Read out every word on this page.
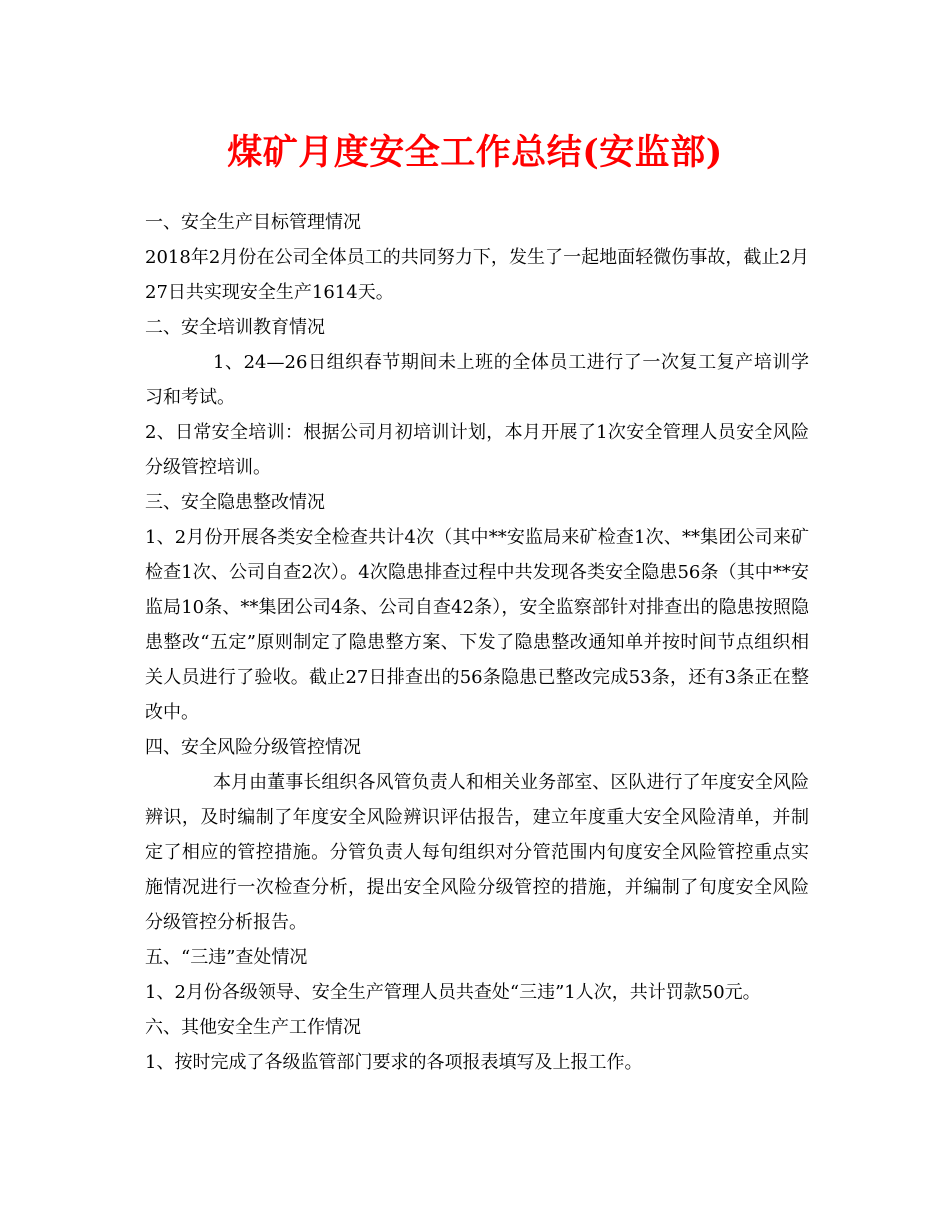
煤矿月度安全工作总结(安监部)

一、安全生产目标管理情况

2018年2月份在公司全体员工的共同努力下，发生了一起地面轻微伤事故，截止2月27日共实现安全生产1614天。

二、安全培训教育情况

1、24—26日组织春节期间未上班的全体员工进行了一次复工复产培训学习和考试。

2、日常安全培训：根据公司月初培训计划，本月开展了1次安全管理人员安全风险分级管控培训。

三、安全隐患整改情况

1、2月份开展各类安全检查共计4次（其中**安监局来矿检查1次、**集团公司来矿检查1次、公司自查2次）。4次隐患排查过程中共发现各类安全隐患56条（其中**安监局10条、**集团公司4条、公司自查42条），安全监察部针对排查出的隐患按照隐患整改“五定”原则制定了隐患整方案、下发了隐患整改通知单并按时间节点组织相关人员进行了验收。截止27日排查出的56条隐患已整改完成53条，还有3条正在整改中。

四、安全风险分级管控情况

本月由董事长组织各风管负责人和相关业务部室、区队进行了年度安全风险辨识，及时编制了年度安全风险辨识评估报告，建立年度重大安全风险清单，并制定了相应的管控措施。分管负责人每旬组织对分管范围内旬度安全风险管控重点实施情况进行一次检查分析，提出安全风险分级管控的措施，并编制了旬度安全风险分级管控分析报告。

五、“三违”查处情况

1、2月份各级领导、安全生产管理人员共查处“三违”1人次，共计罚款50元。

六、其他安全生产工作情况

1、按时完成了各级监管部门要求的各项报表填写及上报工作。
